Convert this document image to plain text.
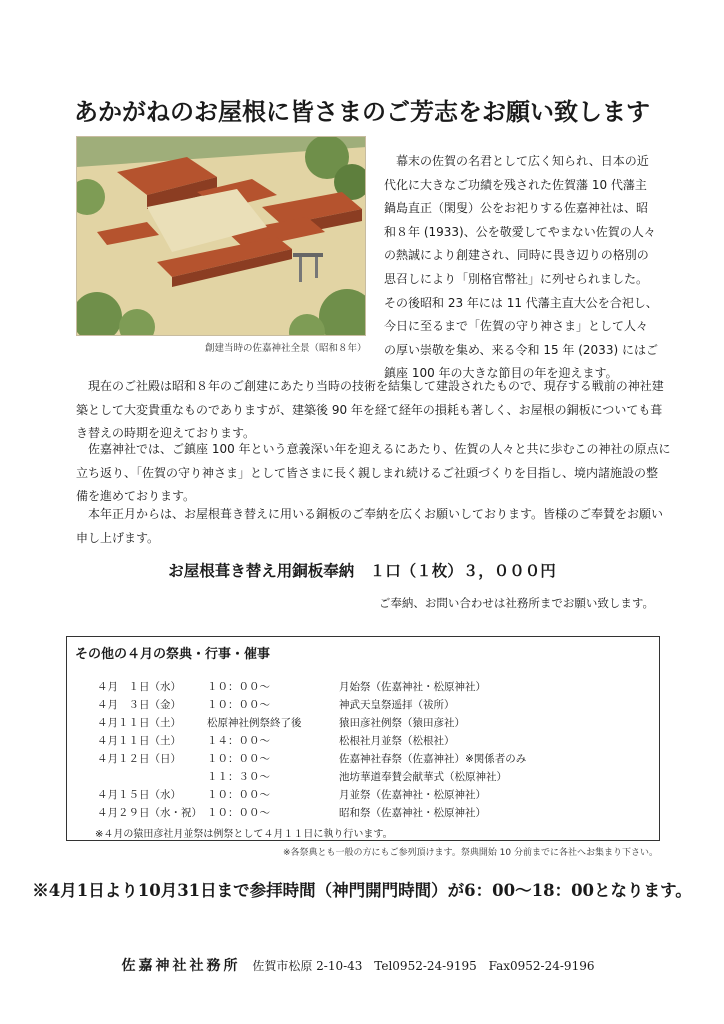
あかがねのお屋根に皆さまのご芳志をお願い致します
創建当時の佐嘉神社全景（昭和８年）

　幕末の佐賀の名君として広く知られ、日本の近

代化に大きなご功績を残された佐賀藩 10 代藩主

鍋島直正（閑叟）公をお祀りする佐嘉神社は、昭

和８年 (1933)、公を敬愛してやまない佐賀の人々

の熱誠により創建され、同時に畏き辺りの格別の

思召しにより「別格官幣社」に列せられました。

その後昭和 23 年には 11 代藩主直大公を合祀し、

今日に至るまで「佐賀の守り神さま」として人々

の厚い崇敬を集め、来る令和 15 年 (2033) にはご

鎮座 100 年の大きな節目の年を迎えます。

　現在のご社殿は昭和８年のご創建にあたり当時の技術を結集して建設されたもので、現存する戦前の神社建

築として大変貴重なものでありますが、建築後 90 年を経て経年の損耗も著しく、お屋根の銅板についても葺

き替えの時期を迎えております。

　佐嘉神社では、ご鎮座 100 年という意義深い年を迎えるにあたり、佐賀の人々と共に歩むこの神社の原点に

立ち返り、「佐賀の守り神さま」として皆さまに長く親しまれ続けるご社頭づくりを目指し、境内諸施設の整

備を進めております。

　本年正月からは、お屋根葺き替えに用いる銅板のご奉納を広くお願いしております。皆様のご奉賛をお願い

申し上げます。

お屋根葺き替え用銅板奉納　１口（１枚）３，０００円
ご奉納、お問い合わせは社務所までお願い致します。
その他の４月の祭典・行事・催事
４月　１日（水） １０：００～	月始祭（佐嘉神社・松原神社）
４月　３日（金） １０：００～	神武天皇祭遥拝（祓所）
４月１１日（土） 松原神社例祭終了後	猿田彦社例祭（猿田彦社）
４月１１日（土） １４：００～	松根社月並祭（松根社）
４月１２日（日） １０：００～	佐嘉神社春祭（佐嘉神社）※関係者のみ
１１：３０～	池坊華道奉賛会献華式（松原神社）
４月１５日（水） １０：００～	月並祭（佐嘉神社・松原神社）
４月２９日（水・祝） １０：００～	昭和祭（佐嘉神社・松原神社）
※４月の猿田彦社月並祭は例祭として４月１１日に執り行います。
※各祭典とも一般の方にもご参列頂けます。祭典開始 10 分前までに各社へお集まり下さい。
※4月1日より10月31日まで参拝時間（神門開門時間）が6：00～18：00となります。
佐嘉神社社務所 佐賀市松原 2-10-43 Tel0952-24-9195 Fax0952-24-9196
